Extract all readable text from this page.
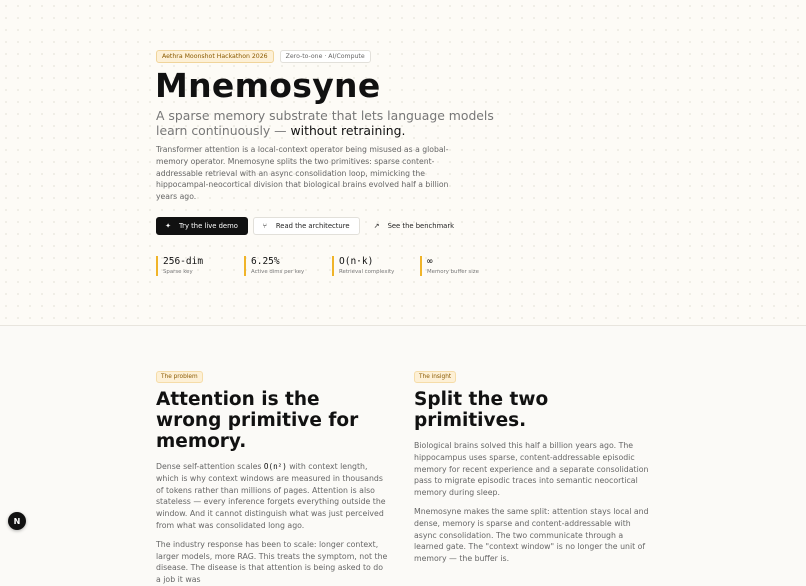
Aethra Moonshot Hackathon 2026	Zero-to-one · AI/Compute
Mnemosyne

A sparse memory substrate that lets language models learn continuously — without retraining.

Transformer attention is a local-context operator being misused as a global-memory operator. Mnemosyne splits the two primitives: sparse content-addressable retrieval with an async consolidation loop, mimicking the hippocampal-neocortical division that biological brains evolved half a billion years ago.

✦ Try the live demo	⑂ Read the architecture	↗ See the benchmark
256-dim
Sparse key
6.25%
Active dims per key
O(n·k)
Retrieval complexity
∞
Memory buffer size
The problem
Attention is the wrong primitive for memory.

Dense self-attention scales O(n²) with context length, which is why context windows are measured in thousands of tokens rather than millions of pages. Attention is also stateless — every inference forgets everything outside the window. And it cannot distinguish what was just perceived from what was consolidated long ago.

The industry response has been to scale: longer context, larger models, more RAG. This treats the symptom, not the disease. The disease is that attention is being asked to do a job it was

The insight
Split the two primitives.

Biological brains solved this half a billion years ago. The hippocampus uses sparse, content-addressable episodic memory for recent experience and a separate consolidation pass to migrate episodic traces into semantic neocortical memory during sleep.

Mnemosyne makes the same split: attention stays local and dense, memory is sparse and content-addressable with async consolidation. The two communicate through a learned gate. The "context window" is no longer the unit of memory — the buffer is.

N
